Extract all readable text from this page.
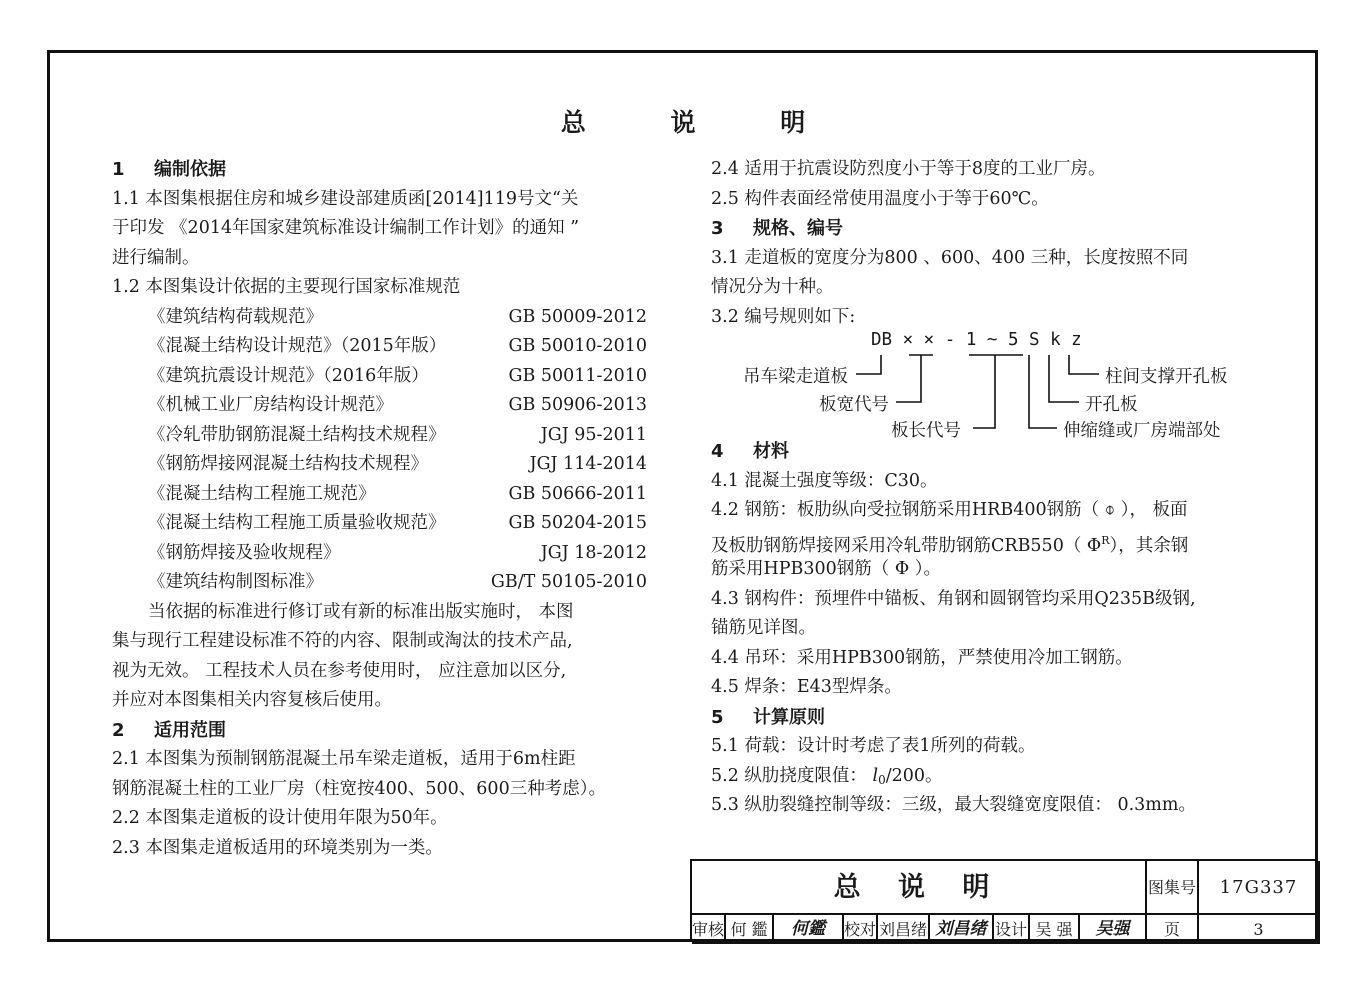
总 说 明
1 编制依据
1.1 本图集根据住房和城乡建设部建质函[2014]119号文“关
于印发 《2014年国家建筑标准设计编制工作计划》的通知 ”
进行编制。
1.2 本图集设计依据的主要现行国家标准规范
《建筑结构荷载规范》	GB 50009-2012
《混凝土结构设计规范》（2015年版）	GB 50010-2010
《建筑抗震设计规范》（2016年版）	GB 50011-2010
《机械工业厂房结构设计规范》	GB 50906-2013
《冷轧带肋钢筋混凝土结构技术规程》	JGJ 95-2011
《钢筋焊接网混凝土结构技术规程》	JGJ 114-2014
《混凝土结构工程施工规范》	GB 50666-2011
《混凝土结构工程施工质量验收规范》	GB 50204-2015
《钢筋焊接及验收规程》	JGJ 18-2012
《建筑结构制图标准》	GB/T 50105-2010
当依据的标准进行修订或有新的标准出版实施时， 本图
集与现行工程建设标准不符的内容、限制或淘汰的技术产品,
视为无效。 工程技术人员在参考使用时， 应注意加以区分,
并应对本图集相关内容复核后使用。
2 适用范围
2.1 本图集为预制钢筋混凝土吊车梁走道板，适用于6m柱距
钢筋混凝土柱的工业厂房（柱宽按400、500、600三种考虑）。
2.2 本图集走道板的设计使用年限为50年。
2.3 本图集走道板适用的环境类别为一类。
2.4 适用于抗震设防烈度小于等于8度的工业厂房。
2.5 构件表面经常使用温度小于等于60℃。
3 规格、编号
3.1 走道板的宽度分为800 、600、400 三种，长度按照不同
情况分为十种。
3.2 编号规则如下:
DB × × - 1 ~ 5 S k z
吊车梁走道板
板宽代号
板长代号
柱间支撑开孔板
开孔板
伸缩缝或厂房端部处
4 材料
4.1 混凝土强度等级：C30。
4.2 钢筋：板肋纵向受拉钢筋采用HRB400钢筋（ ⌽ ）， 板面
及板肋钢筋焊接网采用冷轧带肋钢筋CRB550（ $\Phi^R$），其余钢
筋采用HPB300钢筋（ Φ ）。
4.3 钢构件：预埋件中锚板、角钢和圆钢管均采用Q235B级钢,
锚筋见详图。
4.4 吊环：采用HPB300钢筋，严禁使用冷加工钢筋。
4.5 焊条：E43型焊条。
5 计算原则
5.1 荷载：设计时考虑了表1所列的荷载。
5.2 纵肋挠度限值： $l_0/200$。
5.3 纵肋裂缝控制等级：三级，最大裂缝宽度限值： 0.3mm。
总 说 明	图集号	17G337
审核 何 鑑	何鑑	校对 刘昌绪 刘昌绪 设计 吴 强	吴强	页	3
